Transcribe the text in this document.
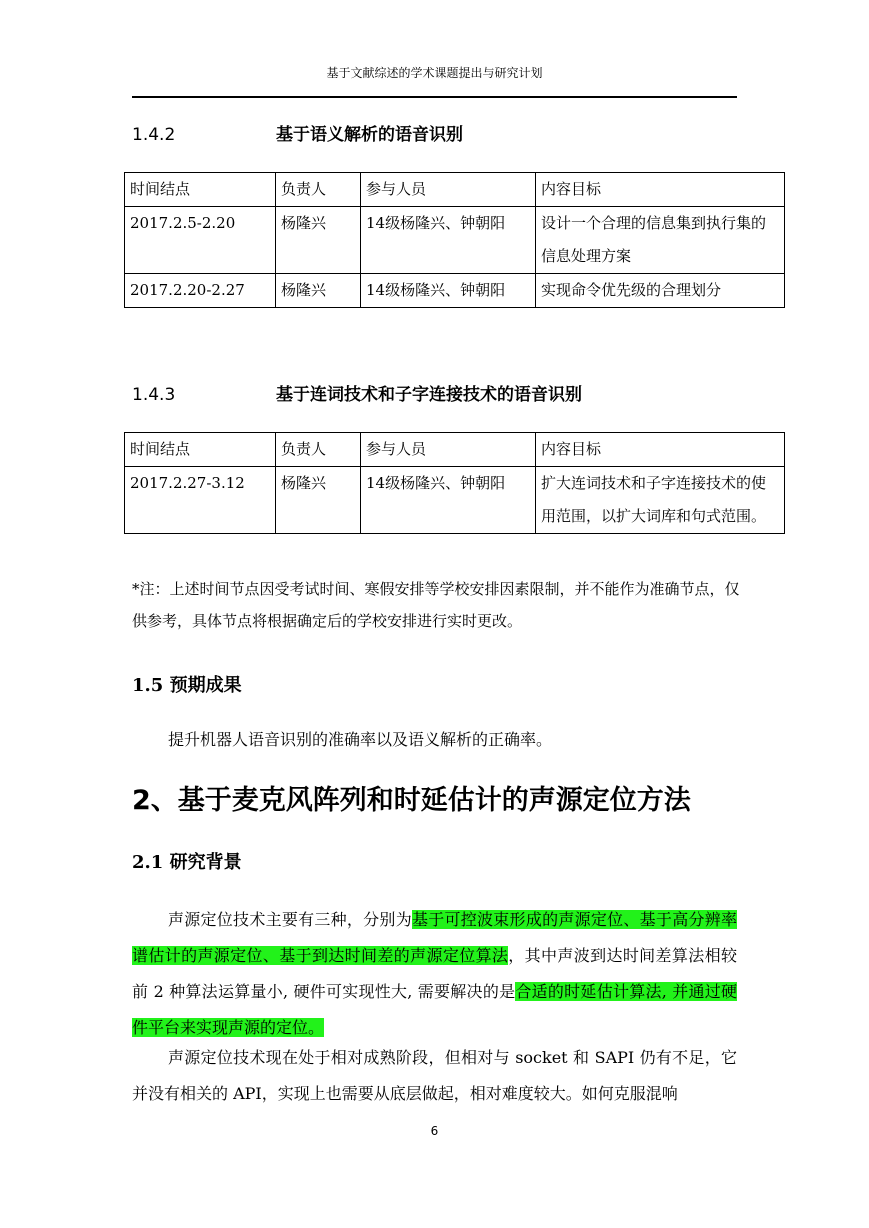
基于文献综述的学术课题提出与研究计划
1.4.2	基于语义解析的语音识别
时间结点	负责人	参与人员	内容目标
2017.2.5-2.20	杨隆兴	14级杨隆兴、钟朝阳	设计一个合理的信息集到执行集的信息处理方案
2017.2.20-2.27	杨隆兴	14级杨隆兴、钟朝阳	实现命令优先级的合理划分
1.4.3	基于连词技术和子字连接技术的语音识别
时间结点	负责人	参与人员	内容目标
2017.2.27-3.12	杨隆兴	14级杨隆兴、钟朝阳	扩大连词技术和子字连接技术的使用范围，以扩大词库和句式范围。
*注：上述时间节点因受考试时间、寒假安排等学校安排因素限制，并不能作为准确节点，仅供参考，具体节点将根据确定后的学校安排进行实时更改。
1.5 预期成果
提升机器人语音识别的准确率以及语义解析的正确率。
2、基于麦克风阵列和时延估计的声源定位方法
2.1 研究背景
声源定位技术主要有三种，分别为基于可控波束形成的声源定位、基于高分辨率谱估计的声源定位、基于到达时间差的声源定位算法，其中声波到达时间差算法相较前 2 种算法运算量小, 硬件可实现性大, 需要解决的是合适的时延估计算法, 并通过硬件平台来实现声源的定位。
声源定位技术现在处于相对成熟阶段，但相对与 socket 和 SAPI 仍有不足，它并没有相关的 API，实现上也需要从底层做起，相对难度较大。如何克服混响
6
